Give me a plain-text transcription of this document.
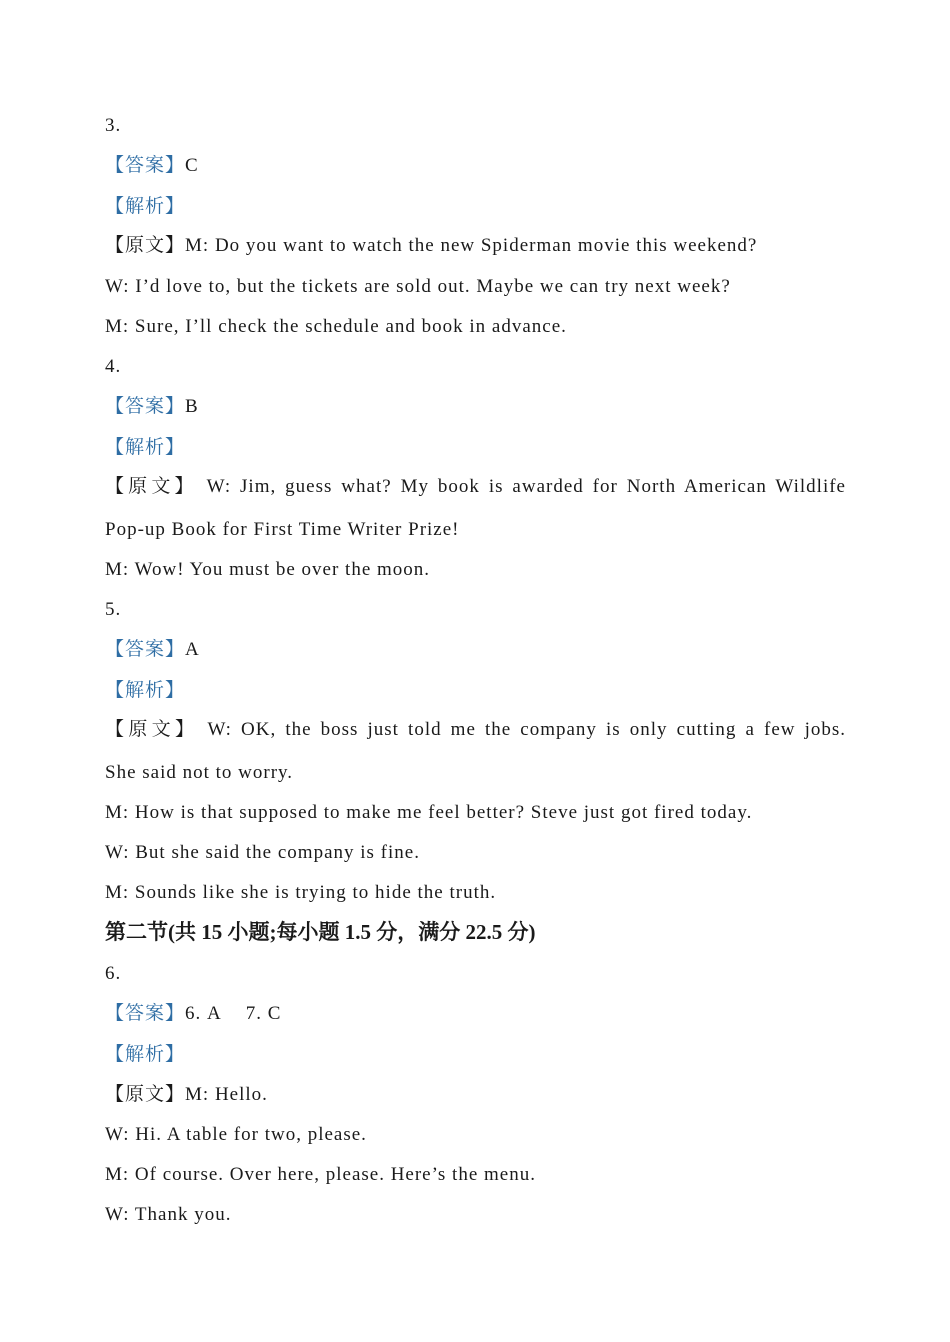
3.
【答案】C
【解析】
【原文】M: Do you want to watch the new Spiderman movie this weekend?
W: I’d love to, but the tickets are sold out. Maybe we can try next week?
M: Sure, I’ll check the schedule and book in advance.
4.
【答案】B
【解析】
【原文】 W: Jim, guess what? My book is awarded for North American Wildlife
Pop-up Book for First Time Writer Prize!
M: Wow! You must be over the moon.
5.
【答案】A
【解析】
【原文】 W: OK, the boss just told me the company is only cutting a few jobs.
She said not to worry.
M: How is that supposed to make me feel better? Steve just got fired today.
W: But she said the company is fine.
M: Sounds like she is trying to hide the truth.
第二节(共 15 小题;每小题 1.5 分，满分 22.5 分)
6.
【答案】6. A 7. C
【解析】
【原文】M: Hello.
W: Hi. A table for two, please.
M: Of course. Over here, please. Here’s the menu.
W: Thank you.
